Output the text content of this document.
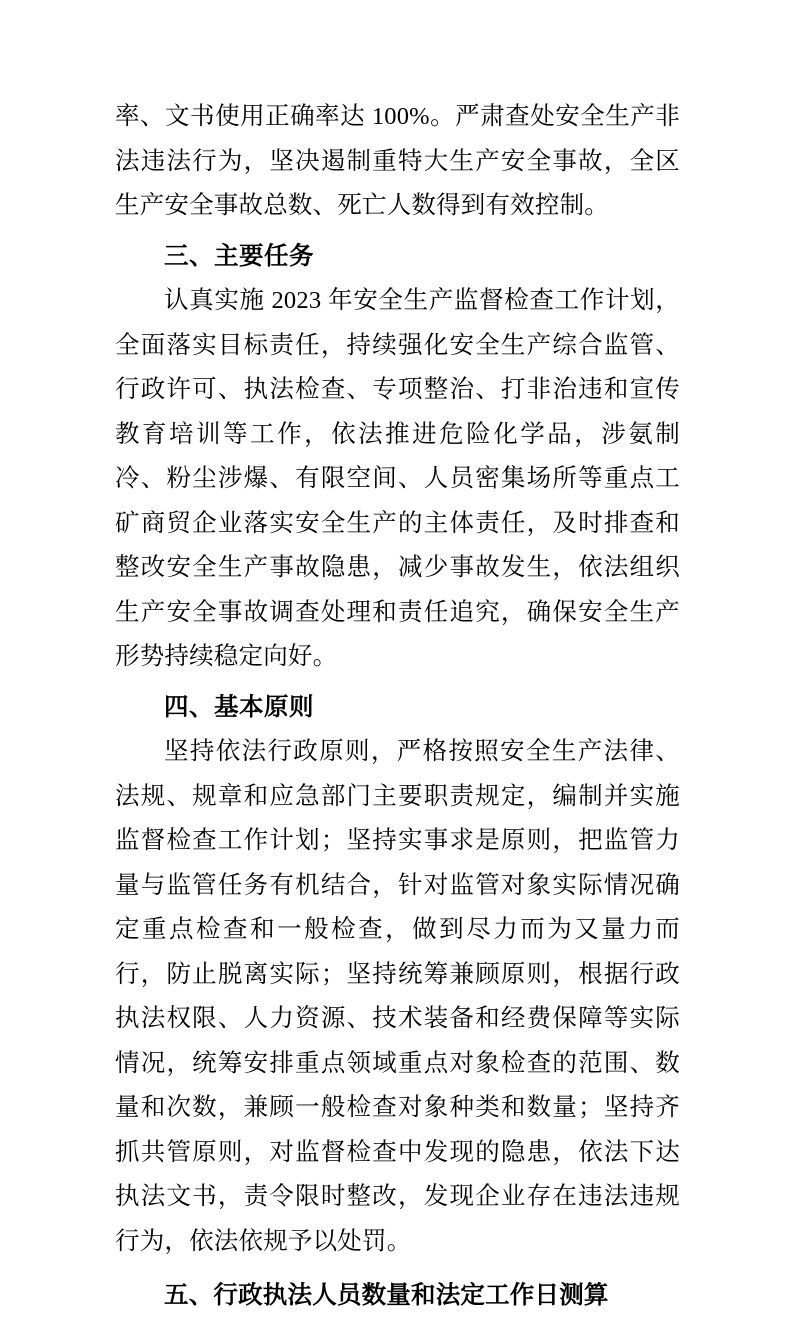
率、文书使用正确率达 100%。严肃查处安全生产非法违法行为，坚决遏制重特大生产安全事故，全区生产安全事故总数、死亡人数得到有效控制。

三、主要任务

认真实施 2023 年安全生产监督检查工作计划，全面落实目标责任，持续强化安全生产综合监管、行政许可、执法检查、专项整治、打非治违和宣传教育培训等工作，依法推进危险化学品，涉氨制冷、粉尘涉爆、有限空间、人员密集场所等重点工矿商贸企业落实安全生产的主体责任，及时排查和整改安全生产事故隐患，减少事故发生，依法组织生产安全事故调查处理和责任追究，确保安全生产形势持续稳定向好。

四、基本原则

坚持依法行政原则，严格按照安全生产法律、法规、规章和应急部门主要职责规定，编制并实施监督检查工作计划；坚持实事求是原则，把监管力量与监管任务有机结合，针对监管对象实际情况确定重点检查和一般检查，做到尽力而为又量力而行，防止脱离实际；坚持统筹兼顾原则，根据行政执法权限、人力资源、技术装备和经费保障等实际情况，统筹安排重点领域重点对象检查的范围、数量和次数，兼顾一般检查对象种类和数量；坚持齐抓共管原则，对监督检查中发现的隐患，依法下达执法文书，责令限时整改，发现企业存在违法违规行为，依法依规予以处罚。

五、行政执法人员数量和法定工作日测算
